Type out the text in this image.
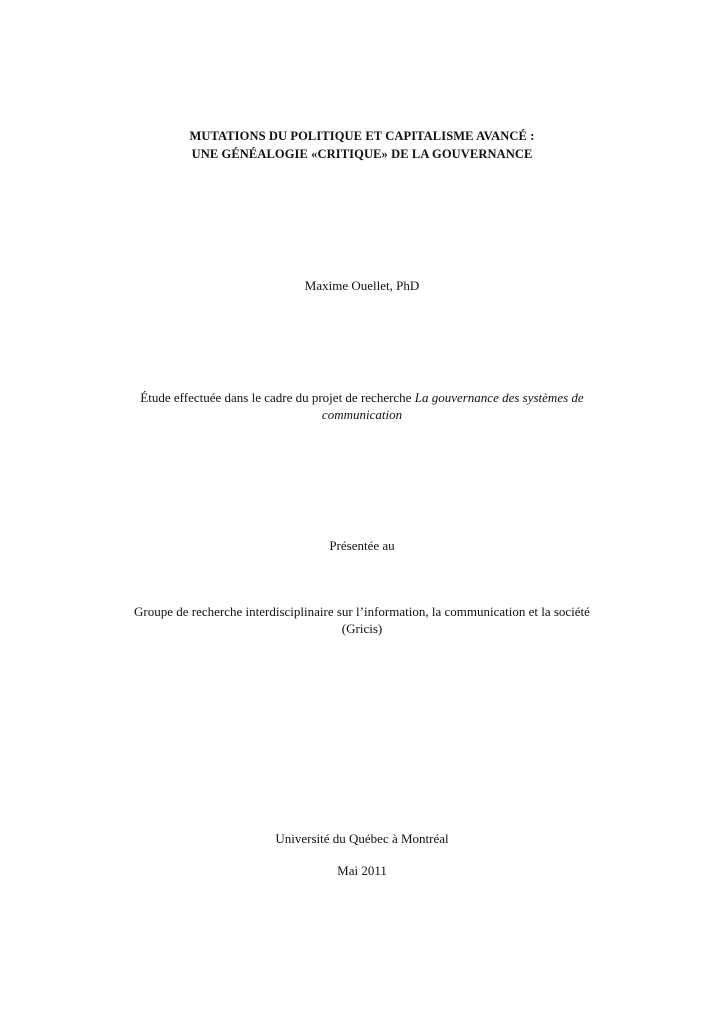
MUTATIONS DU POLITIQUE ET CAPITALISME AVANCÉ :
UNE GÉNÉALOGIE «CRITIQUE» DE LA GOUVERNANCE
Maxime Ouellet, PhD
Étude effectuée dans le cadre du projet de recherche La gouvernance des systèmes de
communication
Présentée au
Groupe de recherche interdisciplinaire sur l’information, la communication et la société
(Gricis)
Université du Québec à Montréal
Mai 2011
